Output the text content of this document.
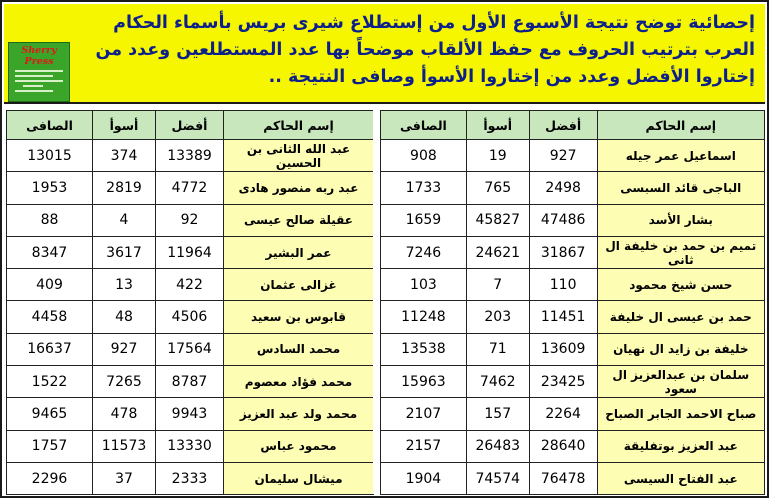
إحصائية توضح نتيجة الأسبوع الأول من إستطلاع شيرى بريس بأسماء الحكام العرب بترتيب الحروف مع حفظ الألقاب موضحاً بها عدد المستطلعين وعدد من إختاروا الأفضل وعدد من إختاروا الأسوأ وصافى النتيجة ..
Sherry Press
الصافى	أسوأ	أفضل	إسم الحاكم
13015	374	13389	عبد الله الثانى بن الحسين
1953	2819	4772	عبد ربه منصور هادى
88	4	92	عقيلة صالح عيسى
8347	3617	11964	عمر البشير
409	13	422	غزالى عثمان
4458	48	4506	قابوس بن سعيد
16637	927	17564	محمد السادس
1522	7265	8787	محمد فؤاد معصوم
9465	478	9943	محمد ولد عبد العزيز
1757	11573	13330	محمود عباس
2296	37	2333	ميشال سليمان
الصافى	أسوأ	أفضل	إسم الحاكم
908	19	927	اسماعيل عمر جيله
1733	765	2498	الباجى قائد السبسى
1659	45827	47486	بشار الأسد
7246	24621	31867	تميم بن حمد بن خليفة ال ثانى
103	7	110	حسن شيخ محمود
11248	203	11451	حمد بن عيسى ال خليفة
13538	71	13609	خليفة بن زايد ال نهيان
15963	7462	23425	سلمان بن عبدالعزيز ال سعود
2107	157	2264	صباح الاحمد الجابر الصباح
2157	26483	28640	عبد العزيز بوتفليقة
1904	74574	76478	عبد الفتاح السيسى
